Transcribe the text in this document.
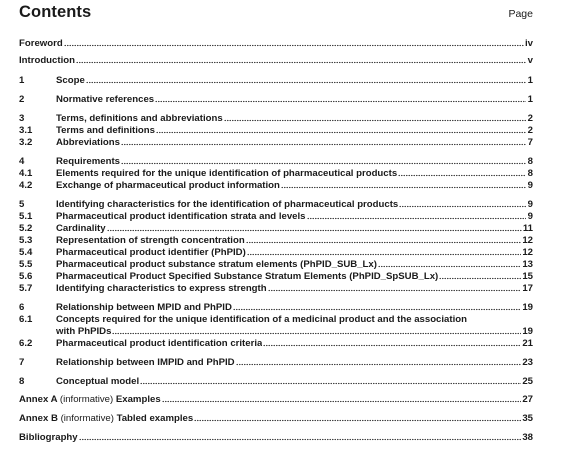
Contents	Page
Foreword	iv
Introduction	v
1	Scope	1
2	Normative references	1
3	Terms, definitions and abbreviations	2
3.1	Terms and definitions	2
3.2	Abbreviations	7
4	Requirements	8
4.1	Elements required for the unique identification of pharmaceutical products	8
4.2	Exchange of pharmaceutical product information	9
5	Identifying characteristics for the identification of pharmaceutical products	9
5.1	Pharmaceutical product identification strata and levels	9
5.2	Cardinality	11
5.3	Representation of strength concentration	12
5.4	Pharmaceutical product identifier (PhPID)	12
5.5	Pharmaceutical product substance stratum elements (PhPID_SUB_Lx)	13
5.6	Pharmaceutical Product Specified Substance Stratum Elements (PhPID_SpSUB_Lx)	15
5.7	Identifying characteristics to express strength	17
6	Relationship between MPID and PhPID	19
6.1	Concepts required for the unique identification of a medicinal product and the association
with PhPIDs	19
6.2	Pharmaceutical product identification criteria	21
7	Relationship between IMPID and PhPID	23
8	Conceptual model	25
Annex A (informative) Examples	27
Annex B (informative) Tabled examples	35
Bibliography	38
